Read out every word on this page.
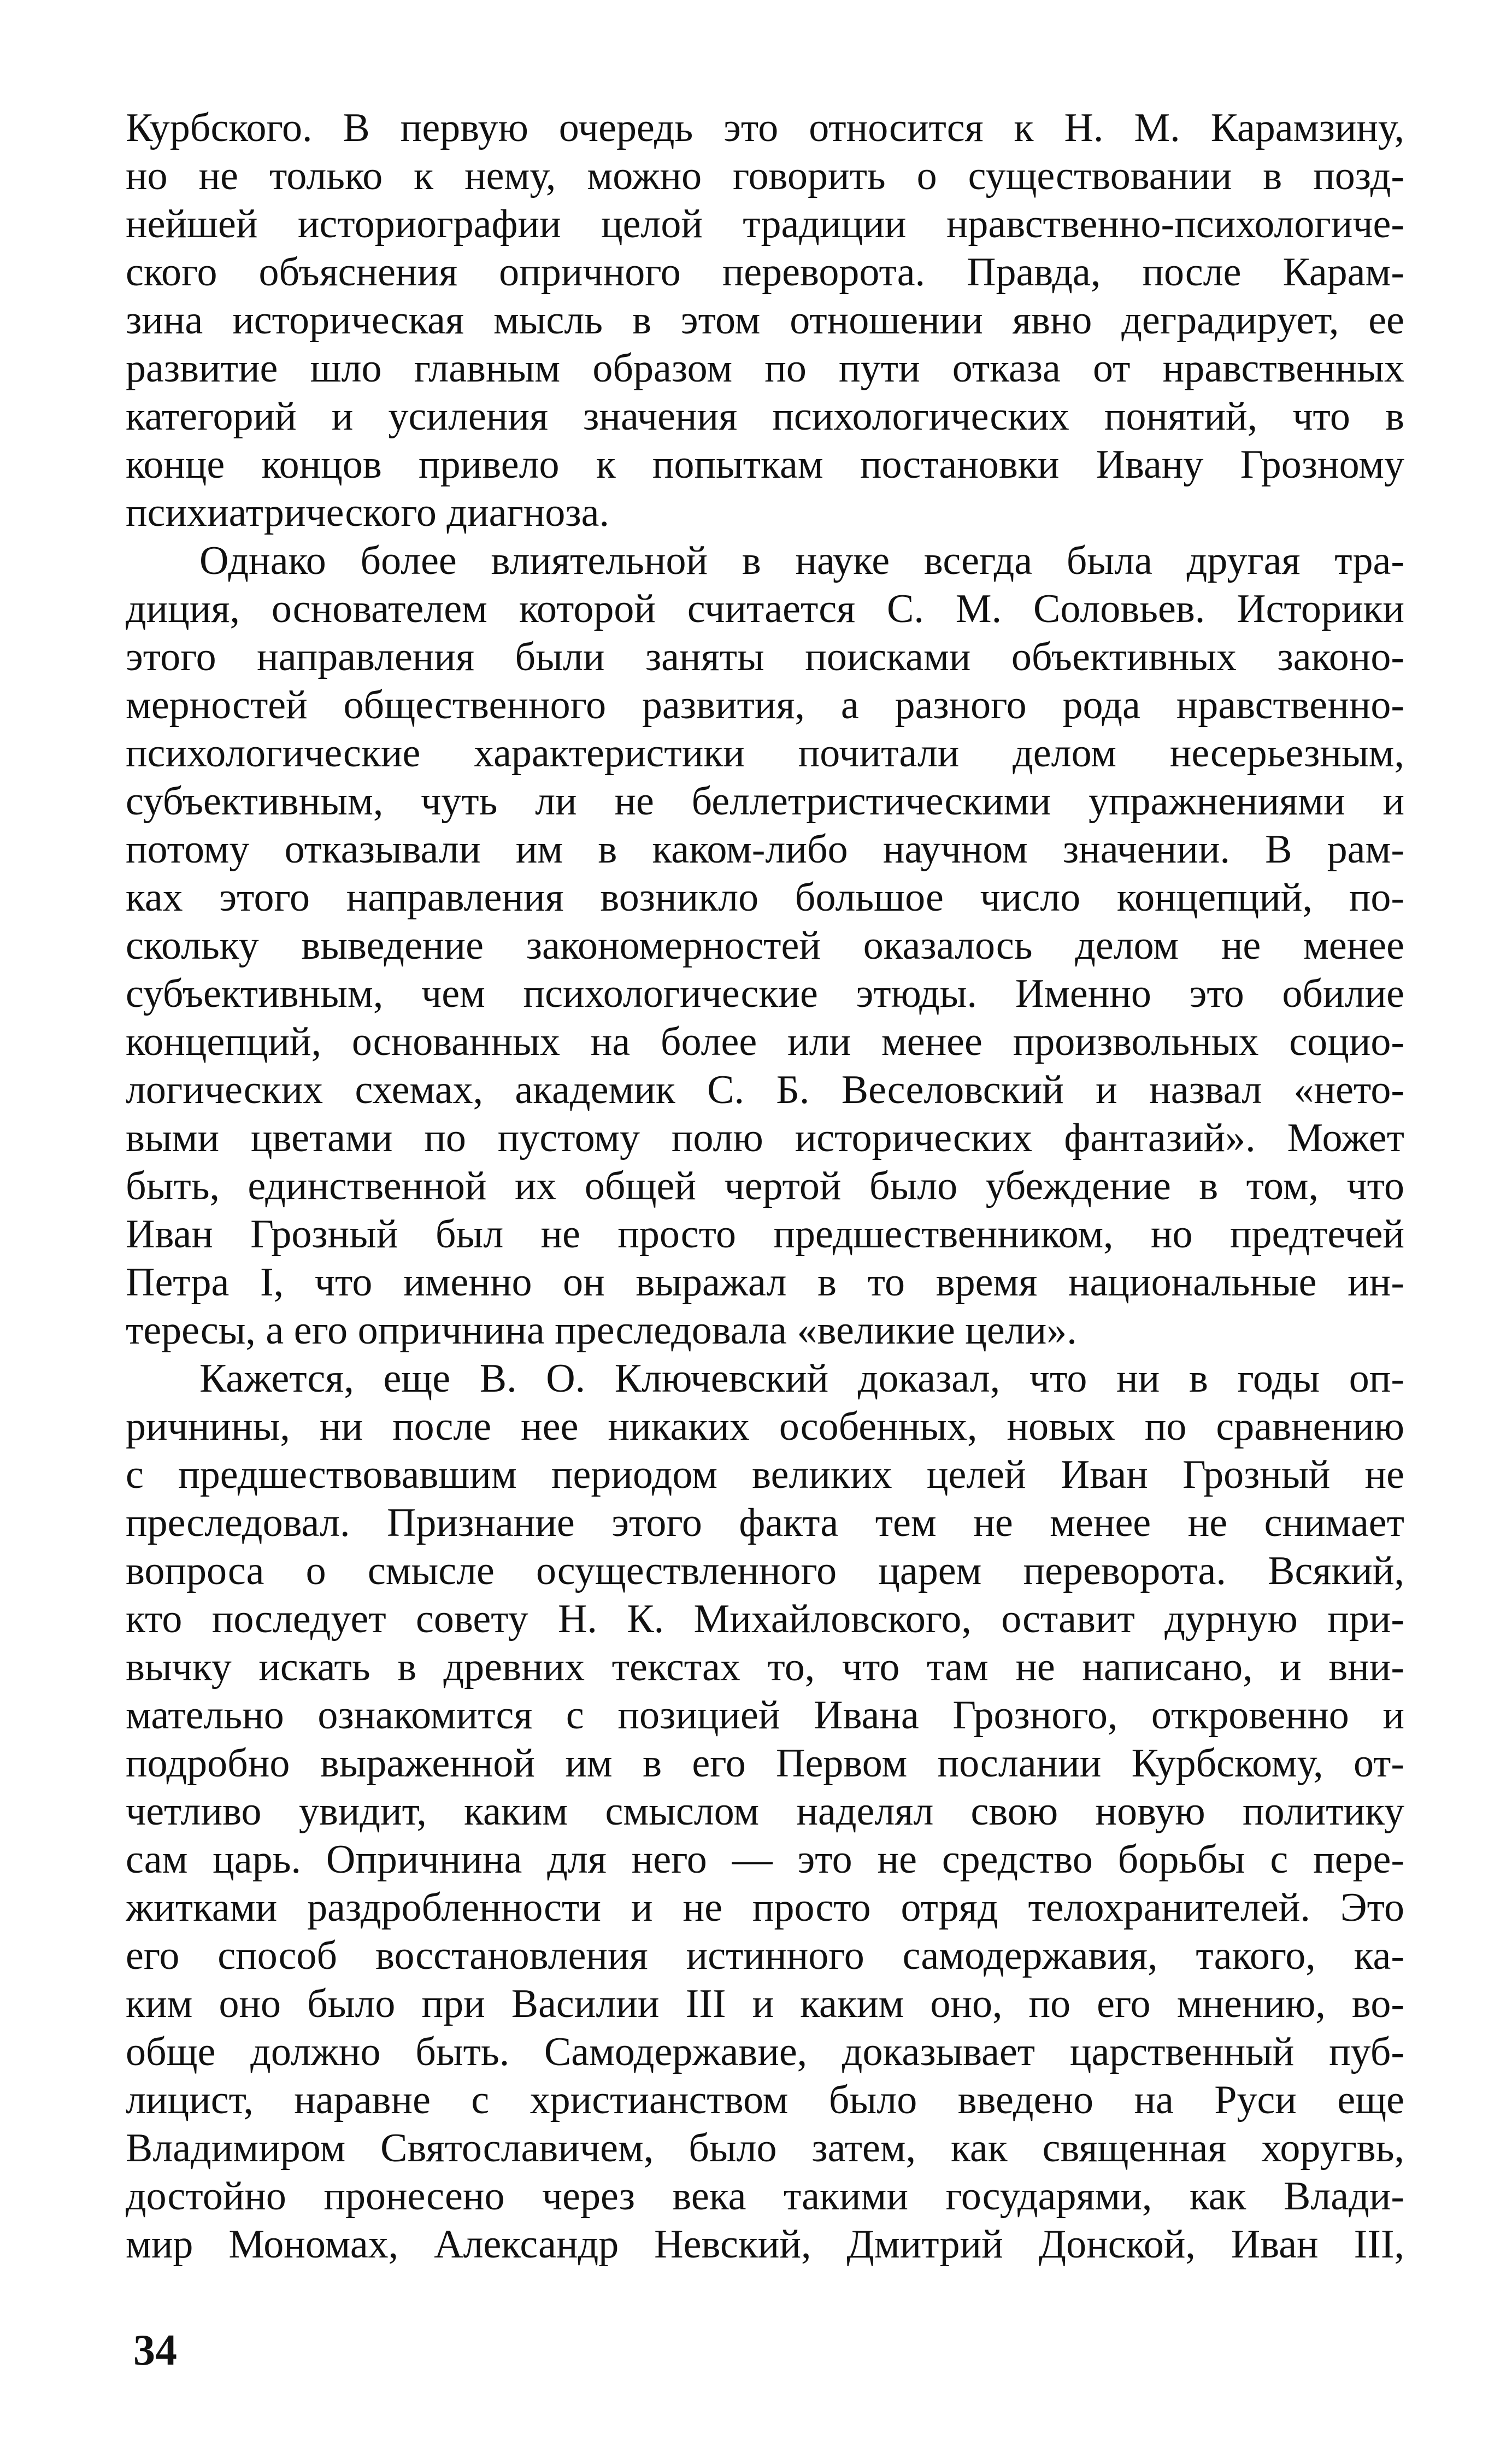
Курбского. В первую очередь это относится к Н. М. Карамзину,
но не только к нему, можно говорить о существовании в позд-
нейшей историографии целой традиции нравственно-психологиче-
ского объяснения опричного переворота. Правда, после Карам-
зина историческая мысль в этом отношении явно деградирует, ее
развитие шло главным образом по пути отказа от нравственных
категорий и усиления значения психологических понятий, что в
конце концов привело к попыткам постановки Ивану Грозному
психиатрического диагноза.
Однако более влиятельной в науке всегда была другая тра-
диция, основателем которой считается С. М. Соловьев. Историки
этого направления были заняты поисками объективных законо-
мерностей общественного развития, а разного рода нравственно-
психологические характеристики почитали делом несерьезным,
субъективным, чуть ли не беллетристическими упражнениями и
потому отказывали им в каком-либо научном значении. В рам-
ках этого направления возникло большое число концепций, по-
скольку выведение закономерностей оказалось делом не менее
субъективным, чем психологические этюды. Именно это обилие
концепций, основанных на более или менее произвольных социо-
логических схемах, академик С. Б. Веселовский и назвал «нето-
выми цветами по пустому полю исторических фантазий». Может
быть, единственной их общей чертой было убеждение в том, что
Иван Грозный был не просто предшественником, но предтечей
Петра I, что именно он выражал в то время национальные ин-
тересы, а его опричнина преследовала «великие цели».
Кажется, еще В. О. Ключевский доказал, что ни в годы оп-
ричнины, ни после нее никаких особенных, новых по сравнению
с предшествовавшим периодом великих целей Иван Грозный не
преследовал. Признание этого факта тем не менее не снимает
вопроса о смысле осуществленного царем переворота. Всякий,
кто последует совету Н. К. Михайловского, оставит дурную при-
вычку искать в древних текстах то, что там не написано, и вни-
мательно ознакомится с позицией Ивана Грозного, откровенно и
подробно выраженной им в его Первом послании Курбскому, от-
четливо увидит, каким смыслом наделял свою новую политику
сам царь. Опричнина для него — это не средство борьбы с пере-
житками раздробленности и не просто отряд телохранителей. Это
его способ восстановления истинного самодержавия, такого, ка-
ким оно было при Василии III и каким оно, по его мнению, во-
обще должно быть. Самодержавие, доказывает царственный пуб-
лицист, наравне с христианством было введено на Руси еще
Владимиром Святославичем, было затем, как священная хоругвь,
достойно пронесено через века такими государями, как Влади-
мир Мономах, Александр Невский, Дмитрий Донской, Иван III,
34
